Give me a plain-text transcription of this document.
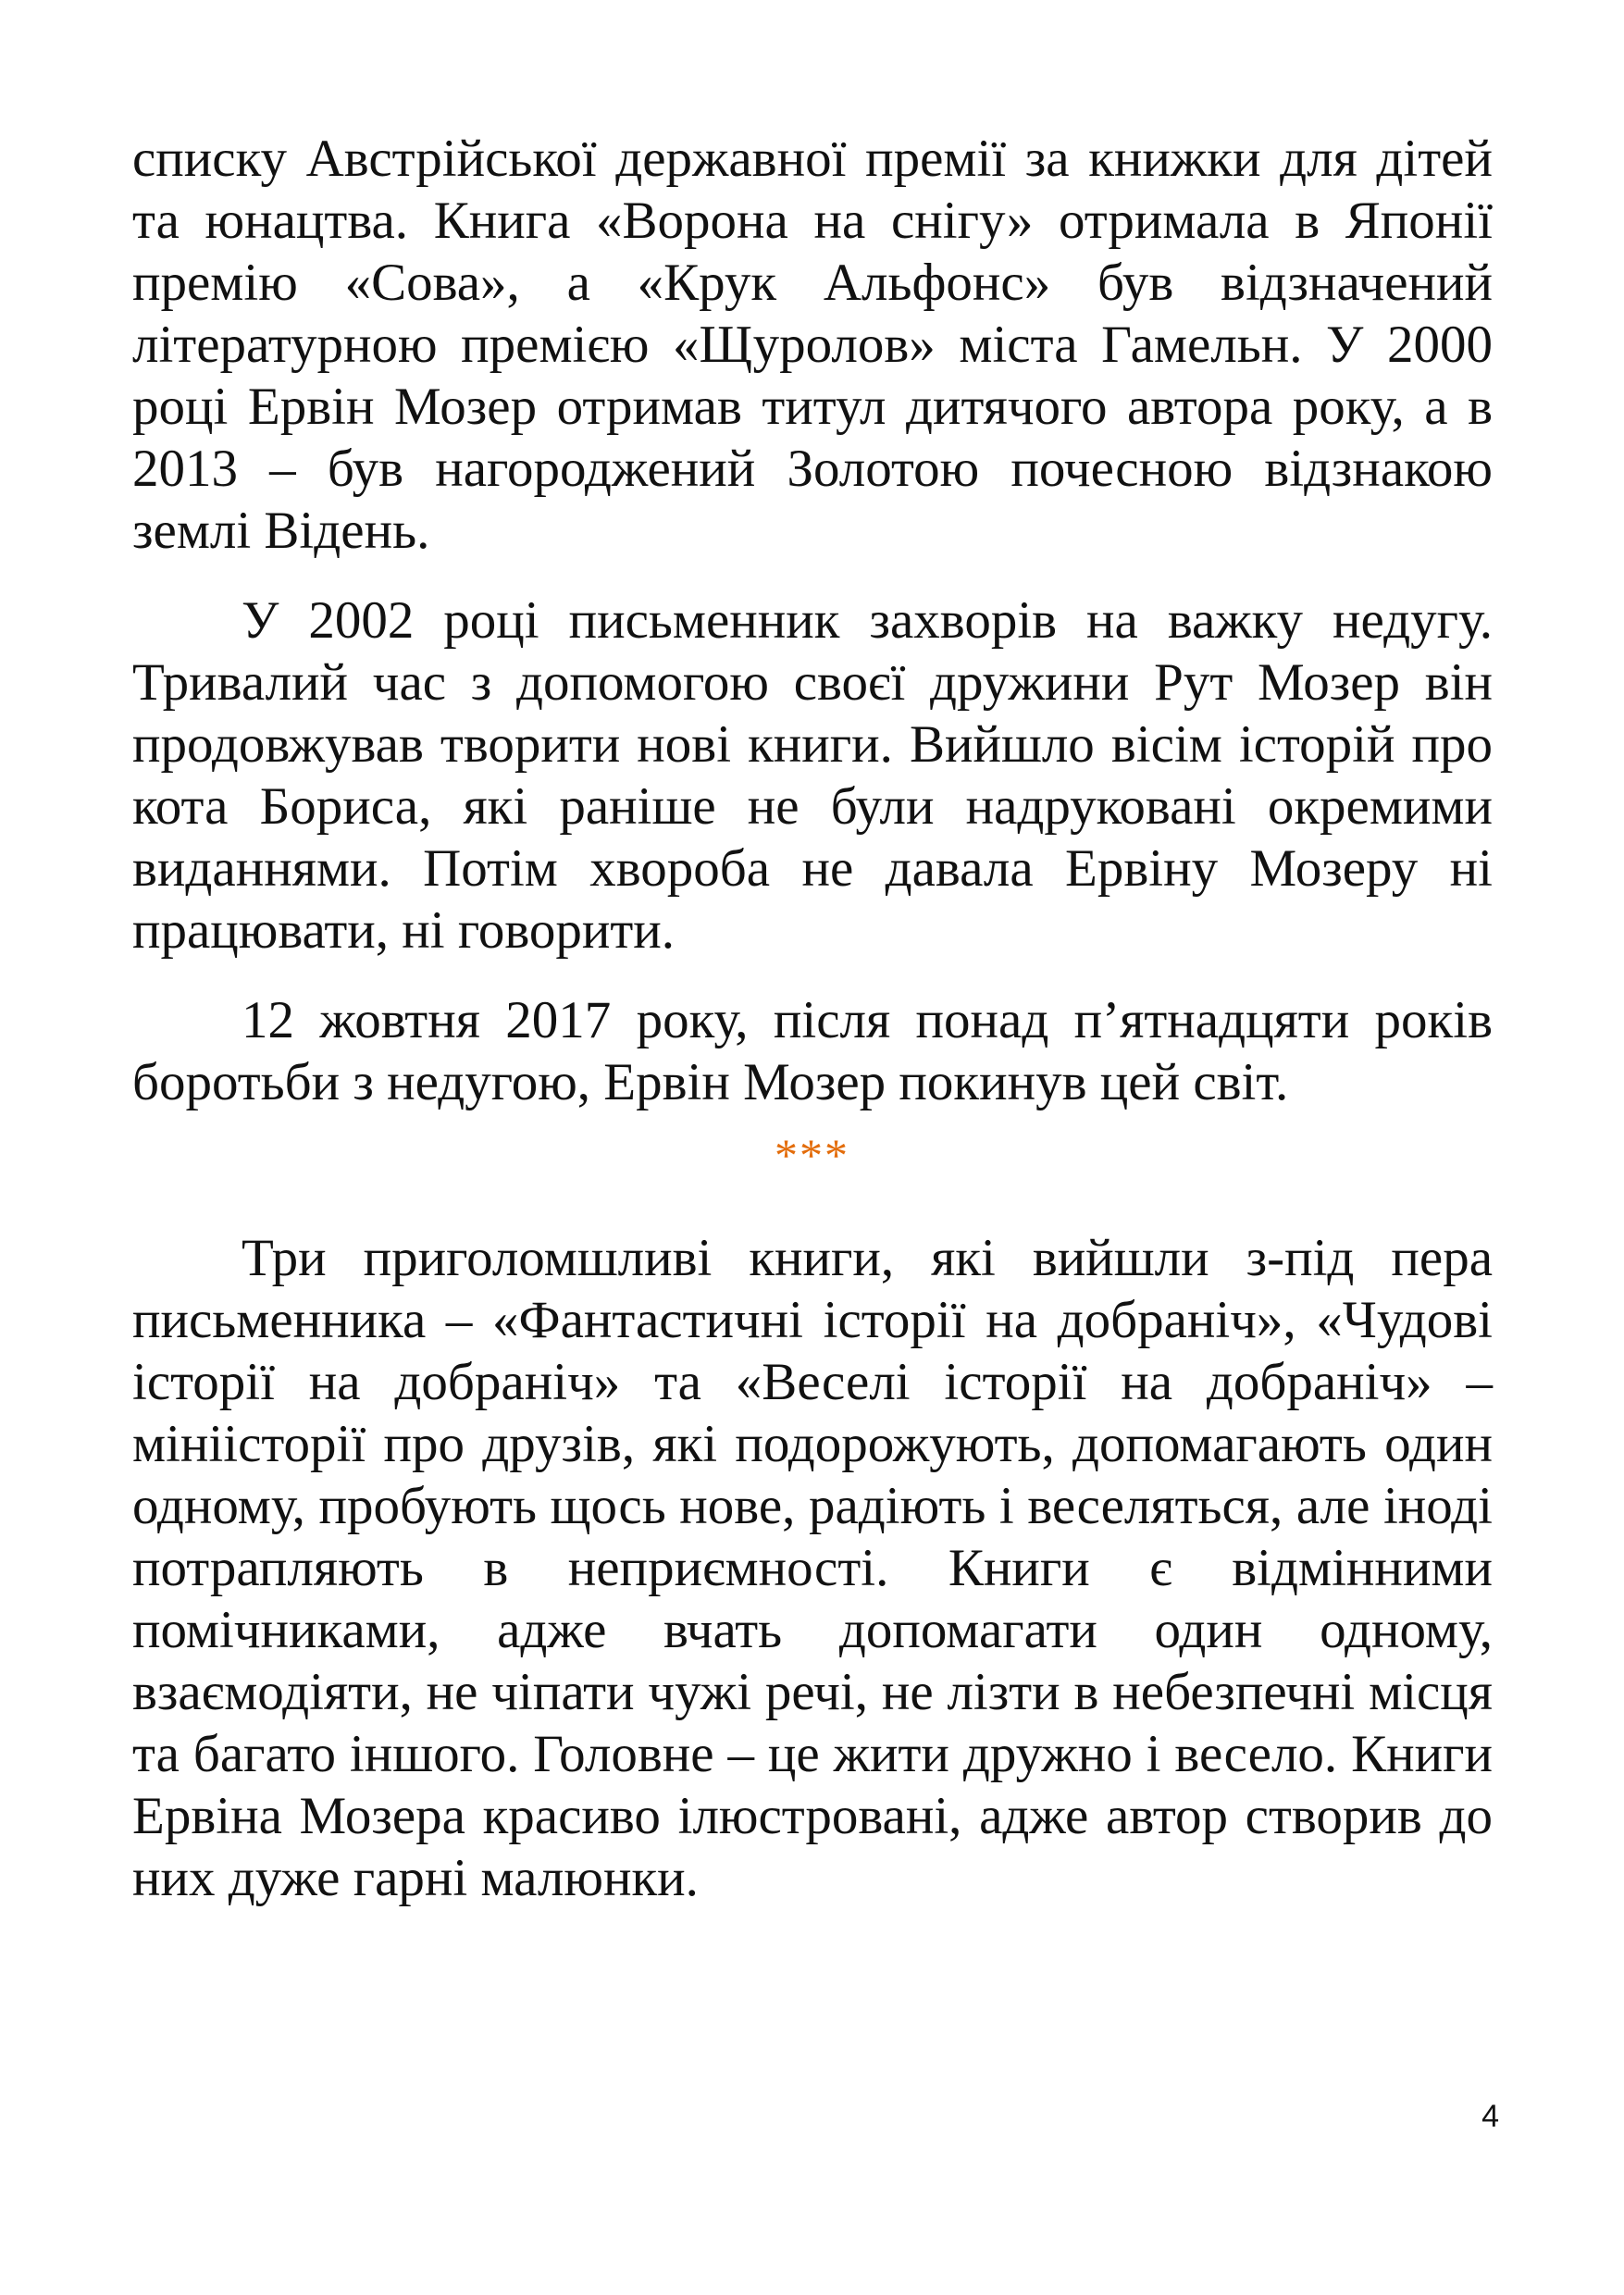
списку Австрійської державної премії за книжки для дітей та юнацтва. Книга «Ворона на снігу» отримала в Японії премію «Сова», а «Крук Альфонс» був відзначений літературною премією «Щуролов» міста Гамельн. У 2000 році Ервін Мозер отримав титул дитячого автора року, а в 2013 – був нагороджений Золотою почесною відзнакою землі Відень.

У 2002 році письменник захворів на важку недугу. Тривалий час з допомогою своєї дружини Рут Мозер він продовжував творити нові книги. Вийшло вісім історій про кота Бориса, які раніше не були надруковані окремими виданнями. Потім хвороба не давала Ервіну Мозеру ні працювати, ні говорити.

12 жовтня 2017 року, після понад п’ятнадцяти років боротьби з недугою, Ервін Мозер покинув цей світ.

***

Три приголомшливі книги, які вийшли з-під пера письменника – «Фантастичні історії на добраніч», «Чудові історії на добраніч» та «Веселі історії на добраніч» – мініісторії про друзів, які подорожують, допомагають один одному, пробують щось нове, радіють і веселяться, але іноді потрапляють в неприємності. Книги є відмінними помічниками, адже вчать допомагати один одному, взаємодіяти, не чіпати чужі речі, не лізти в небезпечні місця та багато іншого. Головне – це жити дружно і весело. Книги Ервіна Мозера красиво ілюстровані, адже автор створив до них дуже гарні малюнки.

4
